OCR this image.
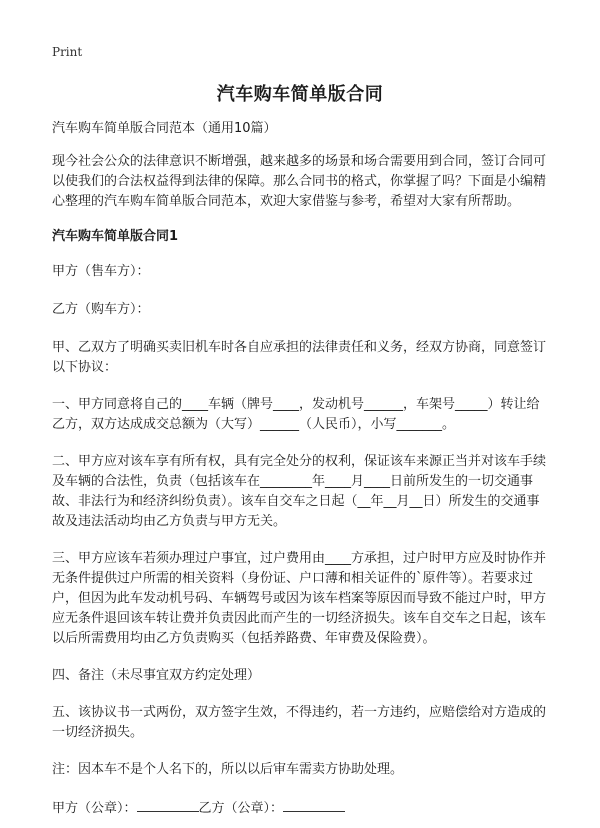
Print
汽车购车简单版合同

汽车购车简单版合同范本（通用10篇）

现今社会公众的法律意识不断增强，越来越多的场景和场合需要用到合同，签订合同可以使我们的合法权益得到法律的保障。那么合同书的格式，你掌握了吗？下面是小编精心整理的汽车购车简单版合同范本，欢迎大家借鉴与参考，希望对大家有所帮助。

汽车购车简单版合同1

甲方（售车方）：

乙方（购车方）：

甲、乙双方了明确买卖旧机车时各自应承担的法律责任和义务，经双方协商，同意签订以下协议：

一、甲方同意将自己的____车辆（牌号____，发动机号______，车架号_____）转让给乙方，双方达成成交总额为（大写）______（人民币），小写_______。

二、甲方应对该车享有所有权，具有完全处分的权利，保证该车来源正当并对该车手续及车辆的合法性，负责（包括该车在________年____月____日前所发生的一切交通事故、非法行为和经济纠纷负责）。该车自交车之日起（__年__月__日）所发生的交通事故及违法活动均由乙方负责与甲方无关。

三、甲方应该车若须办理过户事宜，过户费用由____方承担，过户时甲方应及时协作并无条件提供过户所需的相关资料（身份证、户口薄和相关证件的`原件等）。若要求过户，但因为此车发动机号码、车辆驾号或因为该车档案等原因而导致不能过户时，甲方应无条件退回该车转让费并负责因此而产生的一切经济损失。该车自交车之日起，该车以后所需费用均由乙方负责购买（包括养路费、年审费及保险费）。

四、备注（未尽事宜双方约定处理）

五、该协议书一式两份，双方签字生效，不得违约，若一方违约，应赔偿给对方造成的一切经济损失。

注：因本车不是个人名下的，所以以后审车需卖方协助处理。

甲方（公章）：	乙方（公章）：
